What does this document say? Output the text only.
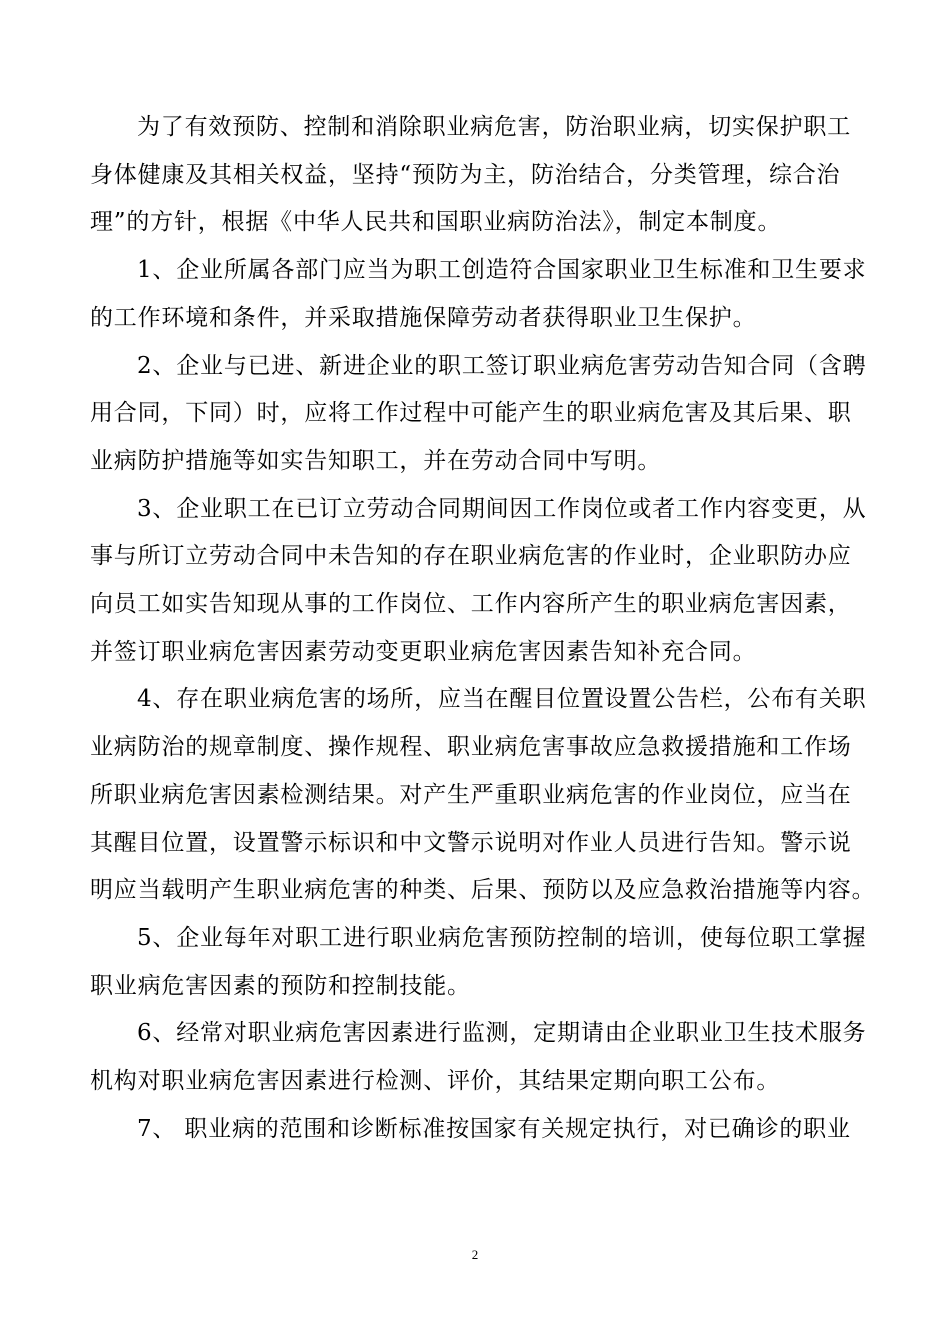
为了有效预防、控制和消除职业病危害，防治职业病，切实保护职工
身体健康及其相关权益，坚持“预防为主，防治结合，分类管理，综合治
理”的方针，根据《中华人民共和国职业病防治法》，制定本制度。

1、企业所属各部门应当为职工创造符合国家职业卫生标准和卫生要求
的工作环境和条件，并采取措施保障劳动者获得职业卫生保护。

2、企业与已进、新进企业的职工签订职业病危害劳动告知合同（含聘
用合同，下同）时，应将工作过程中可能产生的职业病危害及其后果、职
业病防护措施等如实告知职工，并在劳动合同中写明。

3、企业职工在已订立劳动合同期间因工作岗位或者工作内容变更，从
事与所订立劳动合同中未告知的存在职业病危害的作业时，企业职防办应
向员工如实告知现从事的工作岗位、工作内容所产生的职业病危害因素，
并签订职业病危害因素劳动变更职业病危害因素告知补充合同。

4、存在职业病危害的场所，应当在醒目位置设置公告栏，公布有关职
业病防治的规章制度、操作规程、职业病危害事故应急救援措施和工作场
所职业病危害因素检测结果。对产生严重职业病危害的作业岗位，应当在
其醒目位置，设置警示标识和中文警示说明对作业人员进行告知。警示说
明应当载明产生职业病危害的种类、后果、预防以及应急救治措施等内容。

5、企业每年对职工进行职业病危害预防控制的培训，使每位职工掌握
职业病危害因素的预防和控制技能。

6、经常对职业病危害因素进行监测，定期请由企业职业卫生技术服务
机构对职业病危害因素进行检测、评价，其结果定期向职工公布。

7、 职业病的范围和诊断标准按国家有关规定执行，对已确诊的职业

2
